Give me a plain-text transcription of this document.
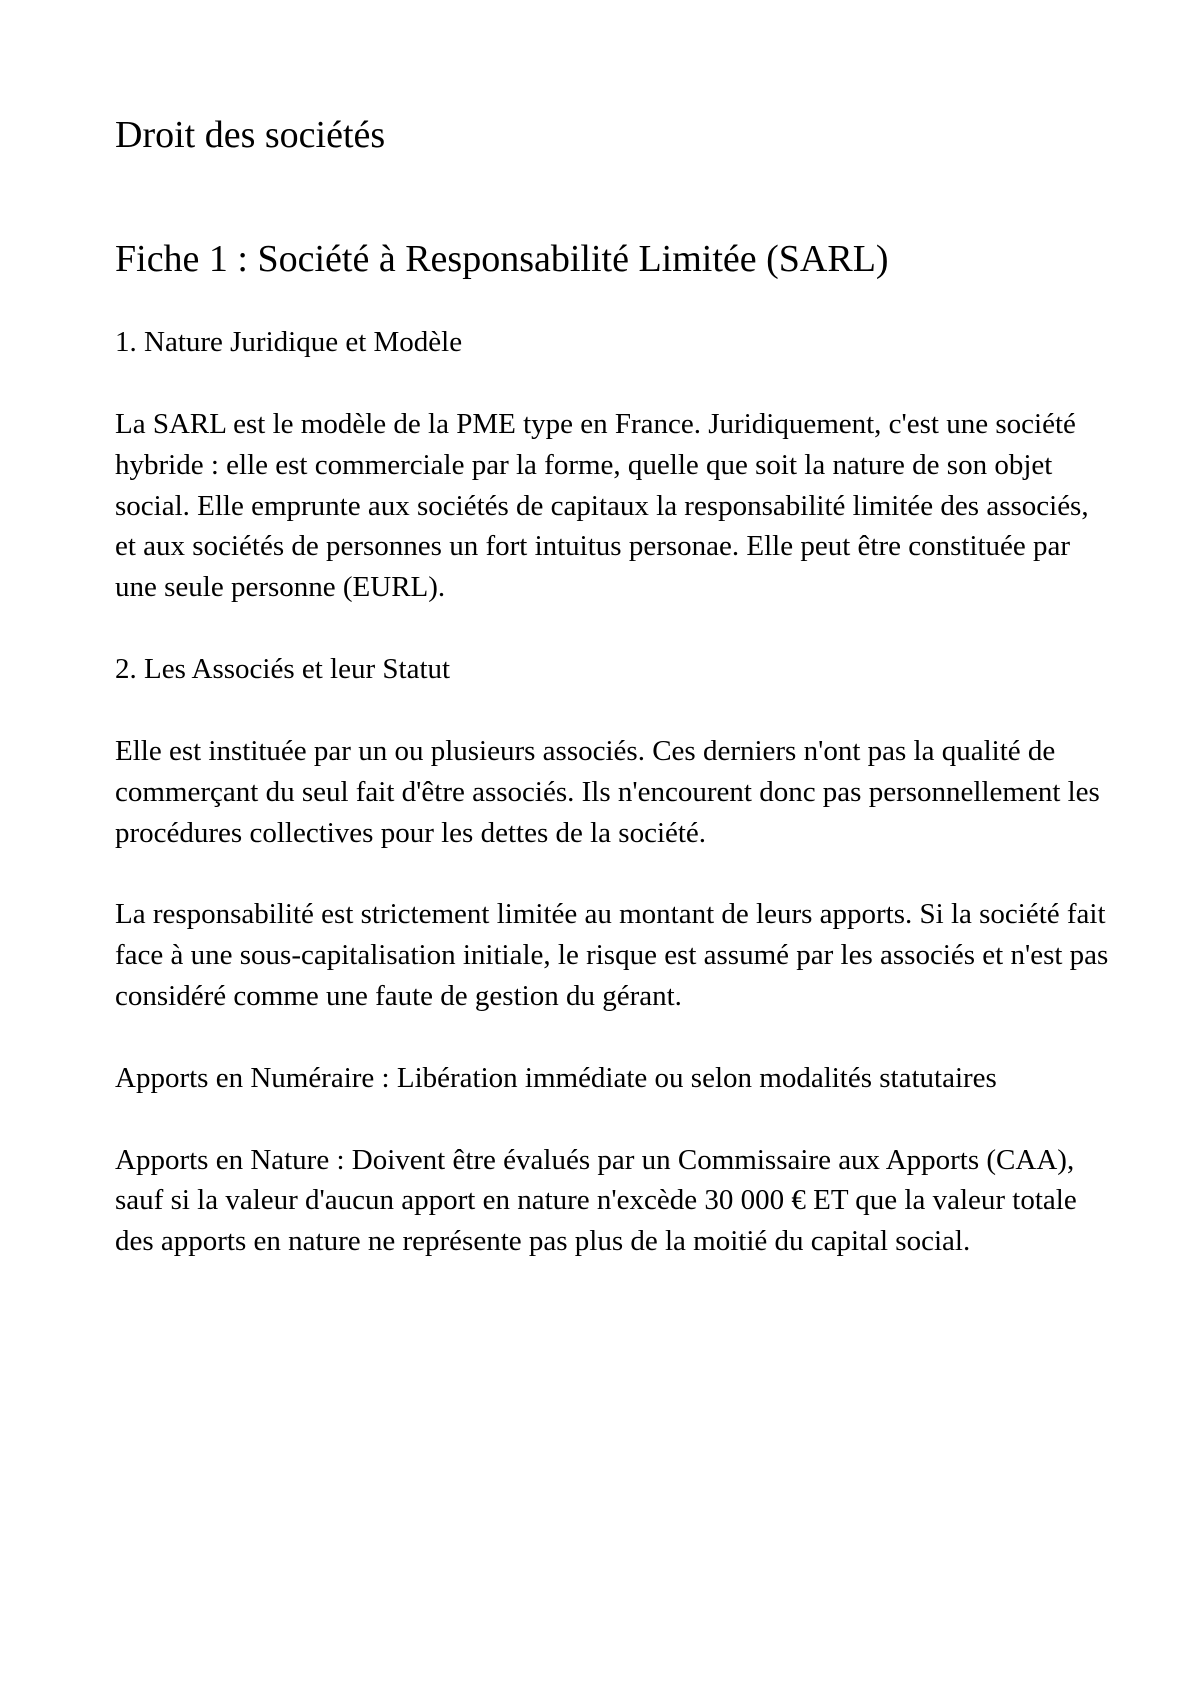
Droit des sociétés
Fiche 1 : Société à Responsabilité Limitée (SARL)
1. Nature Juridique et Modèle

La SARL est le modèle de la PME type en France. Juridiquement, c'est une société hybride : elle est commerciale par la forme, quelle que soit la nature de son objet social. Elle emprunte aux sociétés de capitaux la responsabilité limitée des associés, et aux sociétés de personnes un fort intuitus personae. Elle peut être constituée par une seule personne (EURL).

2. Les Associés et leur Statut

Elle est instituée par un ou plusieurs associés. Ces derniers n'ont pas la qualité de commerçant du seul fait d'être associés. Ils n'encourent donc pas personnellement les procédures collectives pour les dettes de la société.

La responsabilité est strictement limitée au montant de leurs apports. Si la société fait face à une sous-capitalisation initiale, le risque est assumé par les associés et n'est pas considéré comme une faute de gestion du gérant.

Apports en Numéraire : Libération immédiate ou selon modalités statutaires

Apports en Nature : Doivent être évalués par un Commissaire aux Apports (CAA), sauf si la valeur d'aucun apport en nature n'excède 30 000 € ET que la valeur totale des apports en nature ne représente pas plus de la moitié du capital social.
